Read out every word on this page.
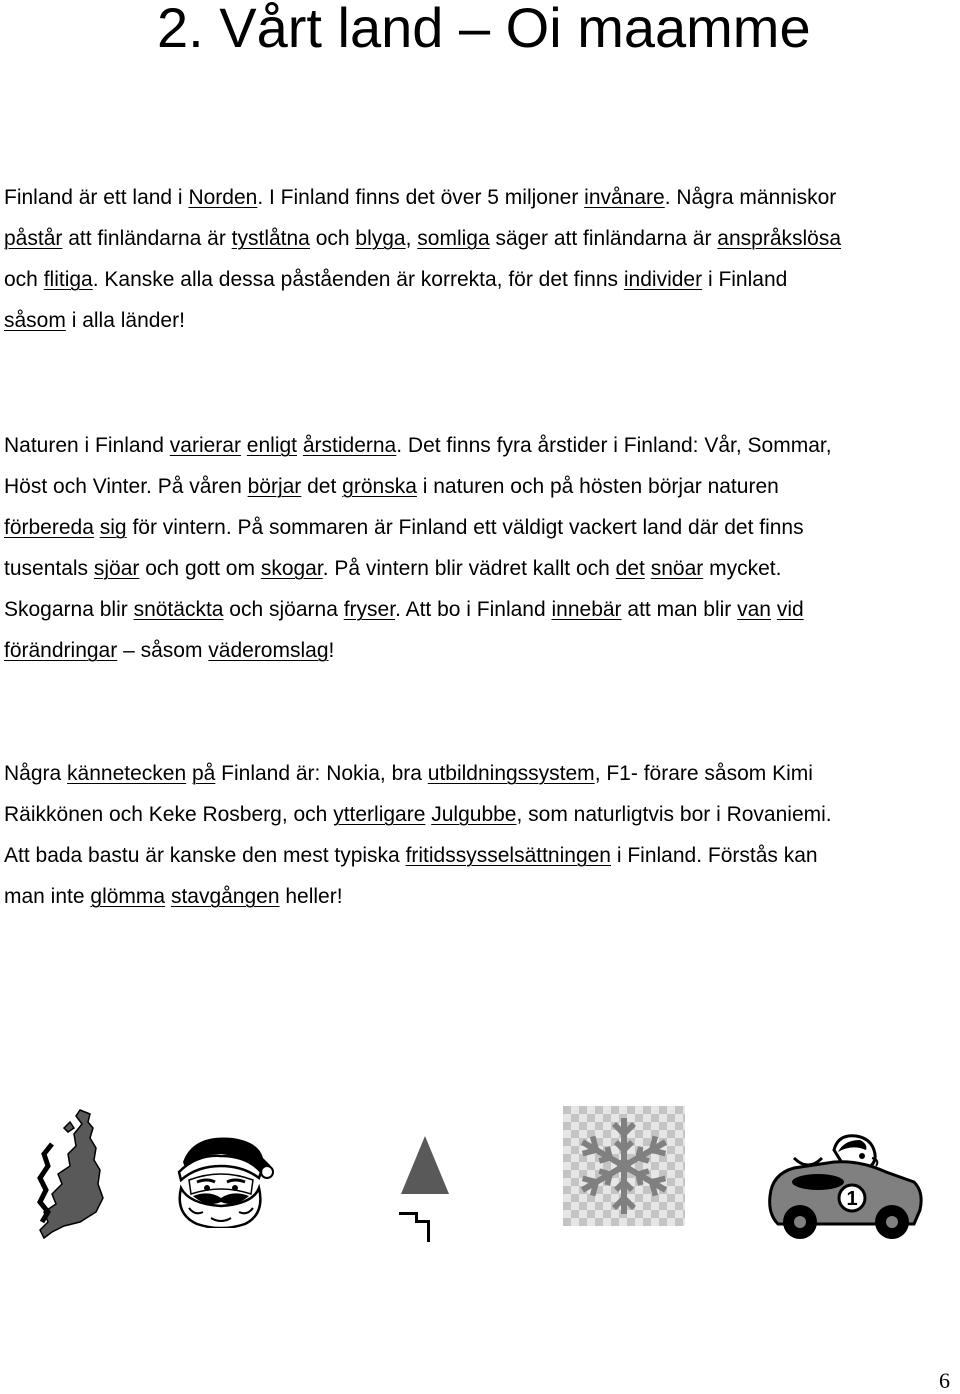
2. Vårt land – Oi maamme
Finland är ett land i Norden. I Finland finns det över 5 miljoner invånare. Några människor
påstår att finländarna är tystlåtna och blyga, somliga säger att finländarna är anspråkslösa
och flitiga. Kanske alla dessa påståenden är korrekta, för det finns individer i Finland
såsom i alla länder!
Naturen i Finland varierar enligt årstiderna. Det finns fyra årstider i Finland: Vår, Sommar,
Höst och Vinter. På våren börjar det grönska i naturen och på hösten börjar naturen
förbereda sig för vintern. På sommaren är Finland ett väldigt vackert land där det finns
tusentals sjöar och gott om skogar. På vintern blir vädret kallt och det snöar mycket.
Skogarna blir snötäckta och sjöarna fryser. Att bo i Finland innebär att man blir van vid
förändringar – såsom väderomslag!
Några kännetecken på Finland är: Nokia, bra utbildningssystem, F1- förare såsom Kimi
Räikkönen och Keke Rosberg, och ytterligare Julgubbe, som naturligtvis bor i Rovaniemi.
Att bada bastu är kanske den mest typiska fritidssysselsättningen i Finland. Förstås kan
man inte glömma stavgången heller!
1

6
